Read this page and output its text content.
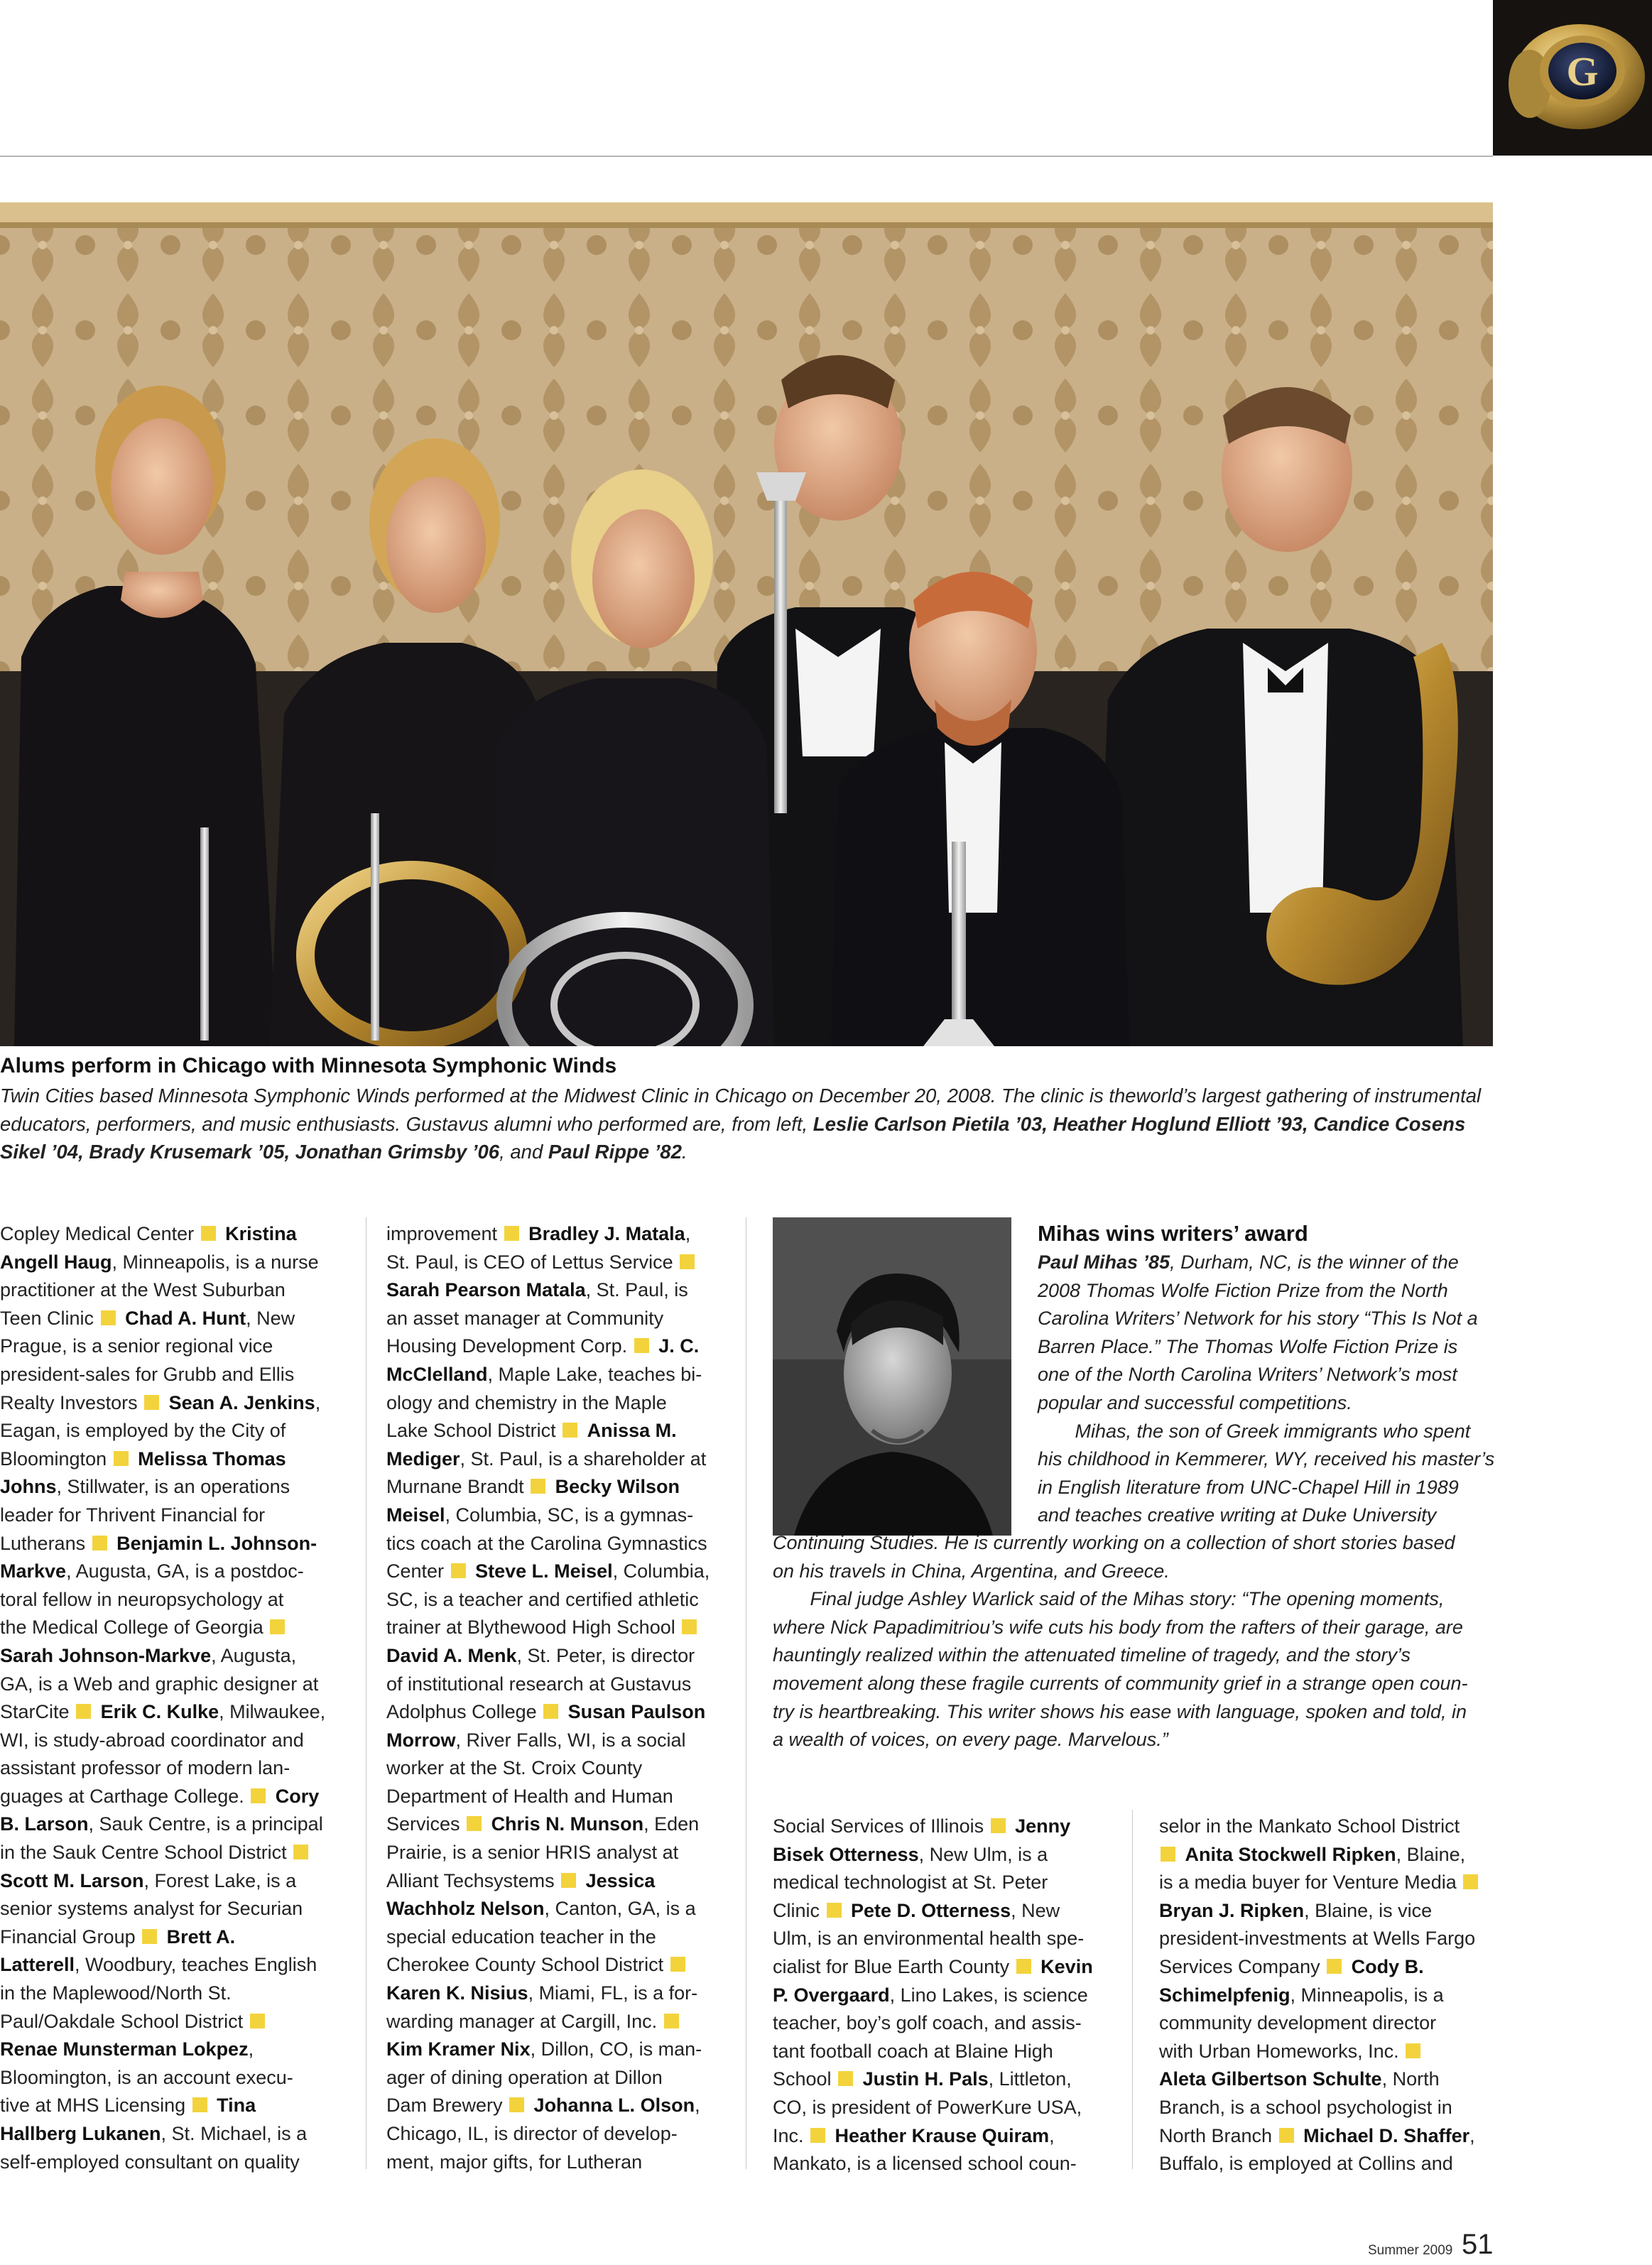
G
Alums perform in Chicago with Minnesota Symphonic Winds
Twin Cities based Minnesota Symphonic Winds performed at the Midwest Clinic in Chicago on December 20, 2008. The clinic is theworld’s largest gathering of instrumental
educators, performers, and music enthusiasts. Gustavus alumni who performed are, from left, Leslie Carlson Pietila ’03, Heather Hoglund Elliott ’93, Candice Cosens
Sikel ’04, Brady Krusemark ’05, Jonathan Grimsby ’06, and Paul Rippe ’82.
Copley Medical Center  Kristina
Angell Haug, Minneapolis, is a nurse
practitioner at the West Suburban
Teen Clinic  Chad A. Hunt, New
Prague, is a senior regional vice
president-sales for Grubb and Ellis
Realty Investors  Sean A. Jenkins,
Eagan, is employed by the City of
Bloomington  Melissa Thomas
Johns, Stillwater, is an operations
leader for Thrivent Financial for
Lutherans  Benjamin L. Johnson-
Markve, Augusta, GA, is a postdoc-
toral fellow in neuropsychology at
the Medical College of Georgia
Sarah Johnson-Markve, Augusta,
GA, is a Web and graphic designer at
StarCite  Erik C. Kulke, Milwaukee,
WI, is study-abroad coordinator and
assistant professor of modern lan-
guages at Carthage College.  Cory
B. Larson, Sauk Centre, is a principal
in the Sauk Centre School District
Scott M. Larson, Forest Lake, is a
senior systems analyst for Securian
Financial Group  Brett A.
Latterell, Woodbury, teaches English
in the Maplewood/North St.
Paul/Oakdale School District
Renae Munsterman Lokpez,
Bloomington, is an account execu-
tive at MHS Licensing  Tina
Hallberg Lukanen, St. Michael, is a
self-employed consultant on quality
improvement  Bradley J. Matala,
St. Paul, is CEO of Lettus Service
Sarah Pearson Matala, St. Paul, is
an asset manager at Community
Housing Development Corp.  J. C.
McClelland, Maple Lake, teaches bi-
ology and chemistry in the Maple
Lake School District  Anissa M.
Mediger, St. Paul, is a shareholder at
Murnane Brandt  Becky Wilson
Meisel, Columbia, SC, is a gymnas-
tics coach at the Carolina Gymnastics
Center  Steve L. Meisel, Columbia,
SC, is a teacher and certified athletic
trainer at Blythewood High School
David A. Menk, St. Peter, is director
of institutional research at Gustavus
Adolphus College  Susan Paulson
Morrow, River Falls, WI, is a social
worker at the St. Croix County
Department of Health and Human
Services  Chris N. Munson, Eden
Prairie, is a senior HRIS analyst at
Alliant Techsystems  Jessica
Wachholz Nelson, Canton, GA, is a
special education teacher in the
Cherokee County School District
Karen K. Nisius, Miami, FL, is a for-
warding manager at Cargill, Inc.
Kim Kramer Nix, Dillon, CO, is man-
ager of dining operation at Dillon
Dam Brewery  Johanna L. Olson,
Chicago, IL, is director of develop-
ment, major gifts, for Lutheran
Mihas wins writers’ award
Paul Mihas ’85, Durham, NC, is the winner of the
2008 Thomas Wolfe Fiction Prize from the North
Carolina Writers’ Network for his story “This Is Not a
Barren Place.” The Thomas Wolfe Fiction Prize is
one of the North Carolina Writers’ Network’s most
popular and successful competitions.
Mihas, the son of Greek immigrants who spent
his childhood in Kemmerer, WY, received his master’s
in English literature from UNC-Chapel Hill in 1989
and teaches creative writing at Duke University
Continuing Studies. He is currently working on a collection of short stories based
on his travels in China, Argentina, and Greece.
Final judge Ashley Warlick said of the Mihas story: “The opening moments,
where Nick Papadimitriou’s wife cuts his body from the rafters of their garage, are
hauntingly realized within the attenuated timeline of tragedy, and the story’s
movement along these fragile currents of community grief in a strange open coun-
try is heartbreaking. This writer shows his ease with language, spoken and told, in
a wealth of voices, on every page. Marvelous.”
Social Services of Illinois  Jenny
Bisek Otterness, New Ulm, is a
medical technologist at St. Peter
Clinic  Pete D. Otterness, New
Ulm, is an environmental health spe-
cialist for Blue Earth County  Kevin
P. Overgaard, Lino Lakes, is science
teacher, boy’s golf coach, and assis-
tant football coach at Blaine High
School  Justin H. Pals, Littleton,
CO, is president of PowerKure USA,
Inc.  Heather Krause Quiram,
Mankato, is a licensed school coun-
selor in the Mankato School District
Anita Stockwell Ripken, Blaine,
is a media buyer for Venture Media
Bryan J. Ripken, Blaine, is vice
president-investments at Wells Fargo
Services Company  Cody B.
Schimelpfenig, Minneapolis, is a
community development director
with Urban Homeworks, Inc.
Aleta Gilbertson Schulte, North
Branch, is a school psychologist in
North Branch  Michael D. Shaffer,
Buffalo, is employed at Collins and
Summer 2009 51
